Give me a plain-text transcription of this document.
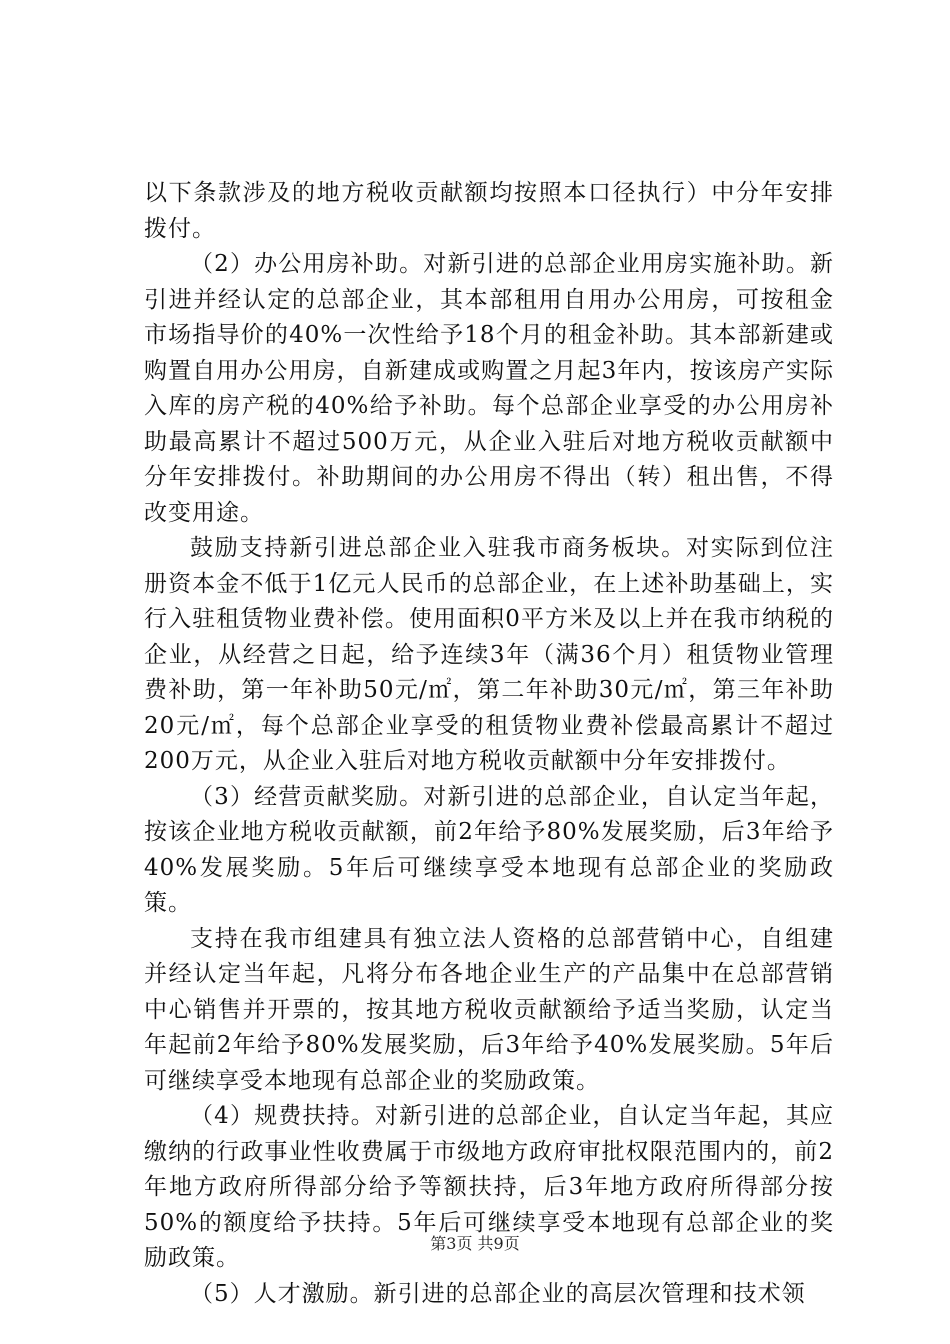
以下条款涉及的地方税收贡献额均按照本口径执行）中分年安排拨付。

（2）办公用房补助。对新引进的总部企业用房实施补助。新引进并经认定的总部企业，其本部租用自用办公用房，可按租金市场指导价的40%一次性给予18个月的租金补助。其本部新建或购置自用办公用房，自新建成或购置之月起3年内，按该房产实际入库的房产税的40%给予补助。每个总部企业享受的办公用房补助最高累计不超过500万元，从企业入驻后对地方税收贡献额中分年安排拨付。补助期间的办公用房不得出（转）租出售，不得改变用途。

鼓励支持新引进总部企业入驻我市商务板块。对实际到位注册资本金不低于1亿元人民币的总部企业，在上述补助基础上，实行入驻租赁物业费补偿。使用面积0平方米及以上并在我市纳税的企业，从经营之日起，给予连续3年（满36个月）租赁物业管理费补助，第一年补助50元/㎡，第二年补助30元/㎡，第三年补助20元/㎡，每个总部企业享受的租赁物业费补偿最高累计不超过200万元，从企业入驻后对地方税收贡献额中分年安排拨付。

（3）经营贡献奖励。对新引进的总部企业，自认定当年起，按该企业地方税收贡献额，前2年给予80%发展奖励，后3年给予40%发展奖励。5年后可继续享受本地现有总部企业的奖励政策。

支持在我市组建具有独立法人资格的总部营销中心，自组建并经认定当年起，凡将分布各地企业生产的产品集中在总部营销中心销售并开票的，按其地方税收贡献额给予适当奖励，认定当年起前2年给予80%发展奖励，后3年给予40%发展奖励。5年后可继续享受本地现有总部企业的奖励政策。

（4）规费扶持。对新引进的总部企业，自认定当年起，其应缴纳的行政事业性收费属于市级地方政府审批权限范围内的，前2年地方政府所得部分给予等额扶持，后3年地方政府所得部分按50%的额度给予扶持。5年后可继续享受本地现有总部企业的奖励政策。

（5）人才激励。新引进的总部企业的高层次管理和技术领

第3页 共9页
